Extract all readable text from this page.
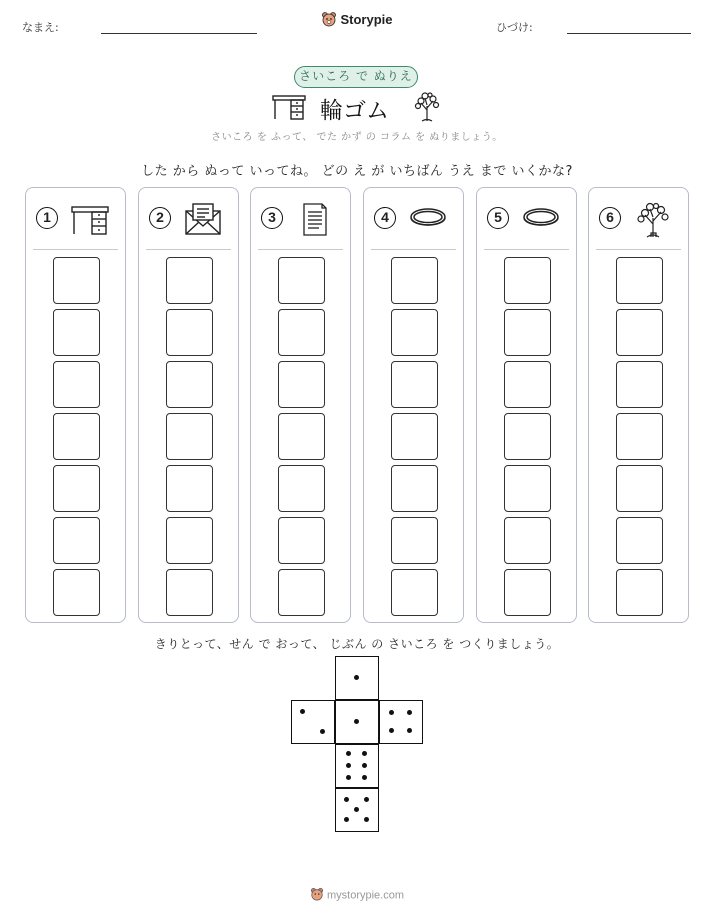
なまえ:
Storypie
ひづけ:
さいころ で ぬりえ
輪ゴム
さいころ を ふって、 でた かず の コラム を ぬりましょう。
した から ぬって いってね。 どの え が いちばん うえ まで いくかな?
1	2	3	4	5	6
きりとって、せん で おって、 じぶん の さいころ を つくりましょう。
mystorypie.com
